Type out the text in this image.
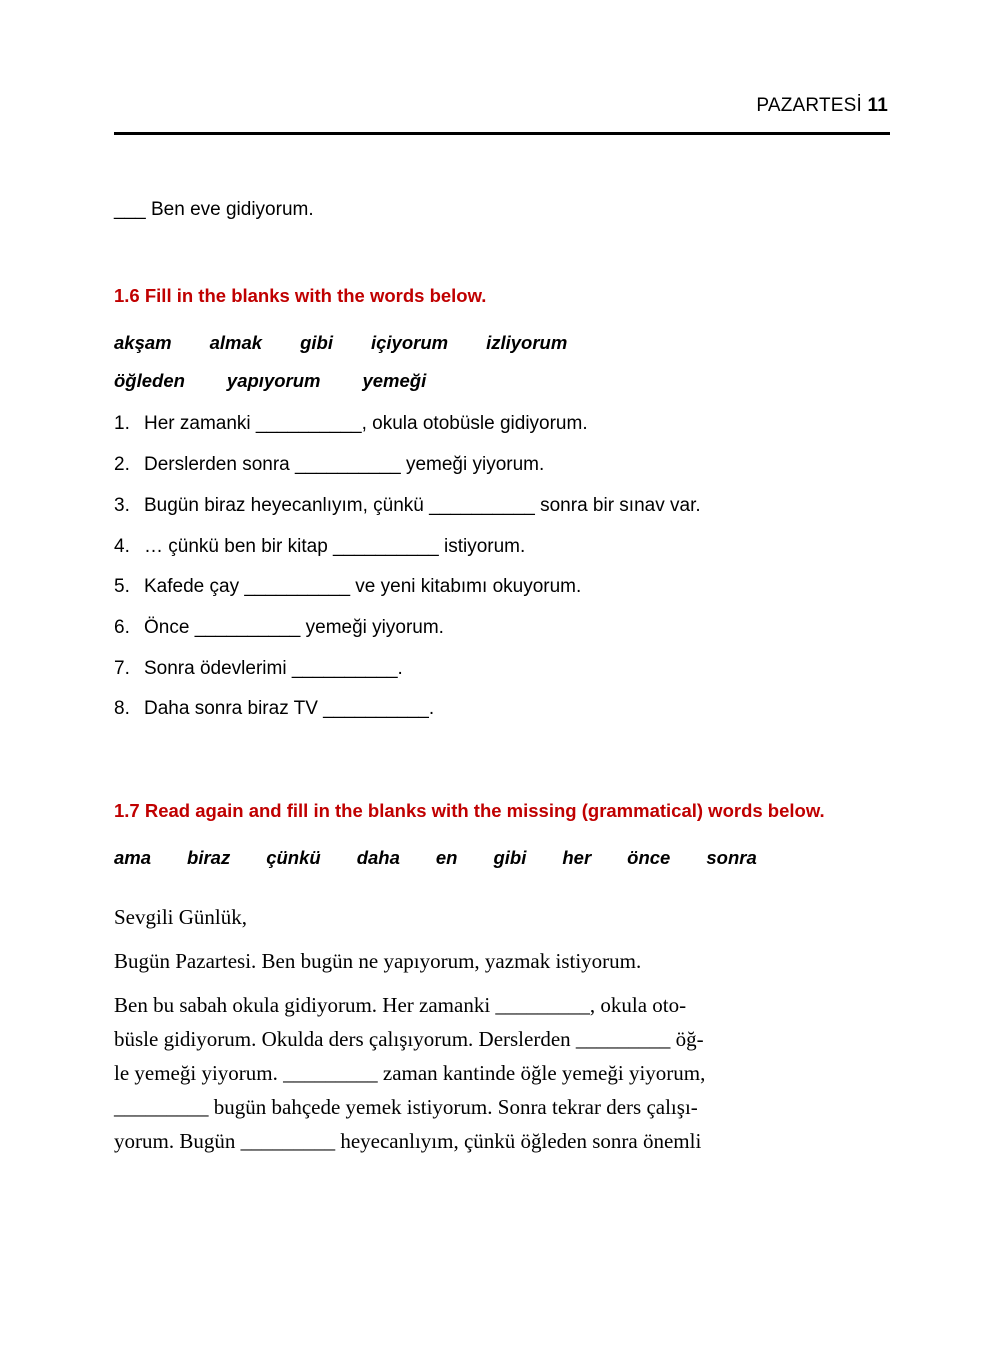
PAZARTESİ 11
___ Ben eve gidiyorum.
1.6 Fill in the blanks with the words below.
akşam almak gibi içiyorum izliyorum
öğleden yapıyorum yemeği
1. Her zamanki __________, okula otobüsle gidiyorum.
2. Derslerden sonra __________ yemeği yiyorum.
3. Bugün biraz heyecanlıyım, çünkü __________ sonra bir sınav var.
4. … çünkü ben bir kitap __________ istiyorum.
5. Kafede çay __________ ve yeni kitabımı okuyorum.
6. Önce __________ yemeği yiyorum.
7. Sonra ödevlerimi __________.
8. Daha sonra biraz TV __________.
1.7 Read again and fill in the blanks with the missing (grammatical) words below.
ama biraz çünkü daha en gibi her önce sonra
Sevgili Günlük,
Bugün Pazartesi. Ben bugün ne yapıyorum, yazmak istiyorum.
Ben bu sabah okula gidiyorum. Her zamanki _________, okula oto-
büsle gidiyorum. Okulda ders çalışıyorum. Derslerden _________ öğ-
le yemeği yiyorum. _________ zaman kantinde öğle yemeği yiyorum,
_________ bugün bahçede yemek istiyorum. Sonra tekrar ders çalışı-
yorum. Bugün _________ heyecanlıyım, çünkü öğleden sonra önemli
